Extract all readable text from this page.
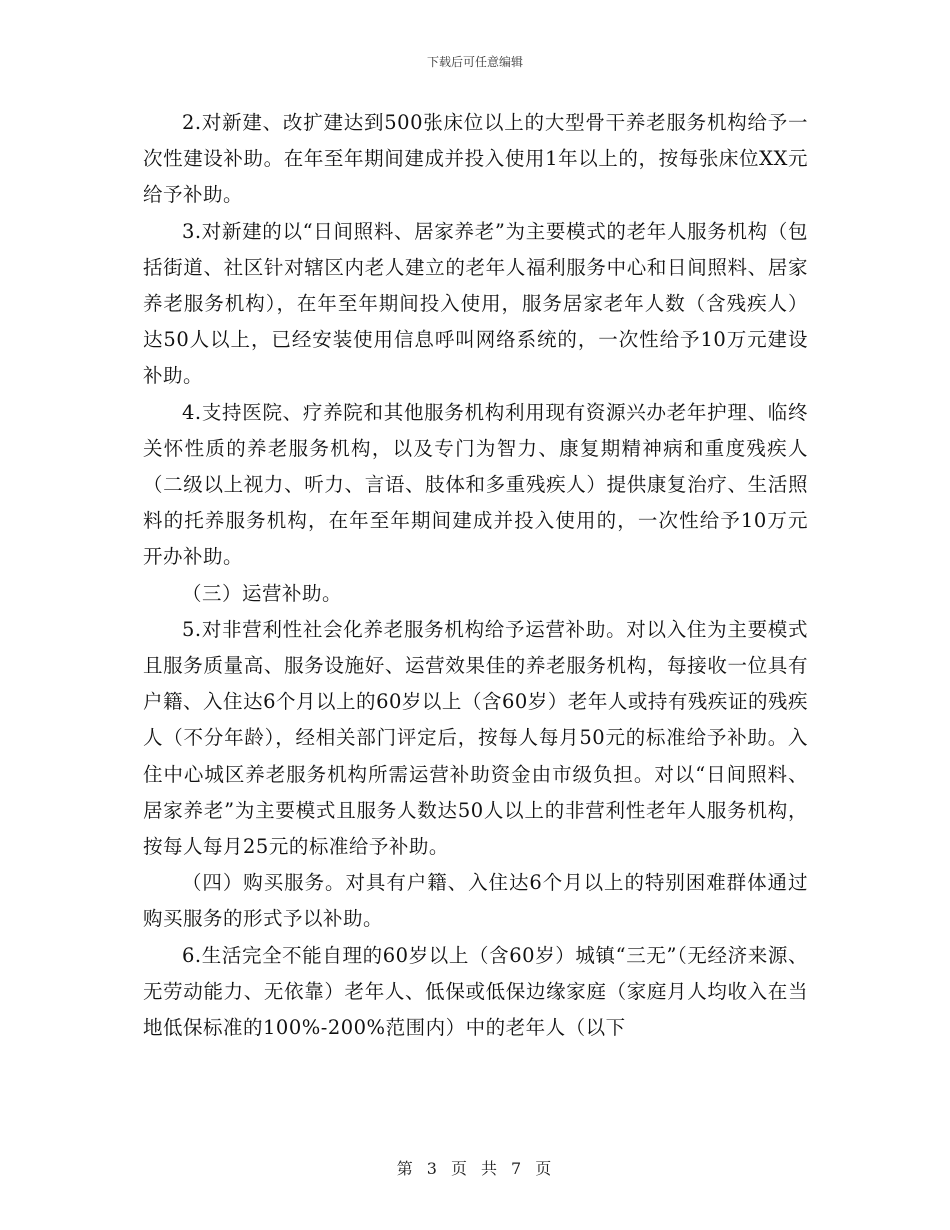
下载后可任意编辑

2.对新建、改扩建达到500张床位以上的大型骨干养老服务机构给予一次性建设补助。在年至年期间建成并投入使用1年以上的，按每张床位XX元给予补助。

3.对新建的以“日间照料、居家养老”为主要模式的老年人服务机构（包括街道、社区针对辖区内老人建立的老年人福利服务中心和日间照料、居家养老服务机构），在年至年期间投入使用，服务居家老年人数（含残疾人）达50人以上，已经安装使用信息呼叫网络系统的，一次性给予10万元建设补助。

4.支持医院、疗养院和其他服务机构利用现有资源兴办老年护理、临终关怀性质的养老服务机构，以及专门为智力、康复期精神病和重度残疾人（二级以上视力、听力、言语、肢体和多重残疾人）提供康复治疗、生活照料的托养服务机构，在年至年期间建成并投入使用的，一次性给予10万元开办补助。

（三）运营补助。

5.对非营利性社会化养老服务机构给予运营补助。对以入住为主要模式且服务质量高、服务设施好、运营效果佳的养老服务机构，每接收一位具有户籍、入住达6个月以上的60岁以上（含60岁）老年人或持有残疾证的残疾人（不分年龄），经相关部门评定后，按每人每月50元的标准给予补助。入住中心城区养老服务机构所需运营补助资金由市级负担。对以“日间照料、居家养老”为主要模式且服务人数达50人以上的非营利性老年人服务机构，按每人每月25元的标准给予补助。

（四）购买服务。对具有户籍、入住达6个月以上的特别困难群体通过购买服务的形式予以补助。

6.生活完全不能自理的60岁以上（含60岁）城镇“三无”（无经济来源、无劳动能力、无依靠）老年人、低保或低保边缘家庭（家庭月人均收入在当地低保标准的100%-200%范围内）中的老年人（以下

第 3 页 共 7 页
